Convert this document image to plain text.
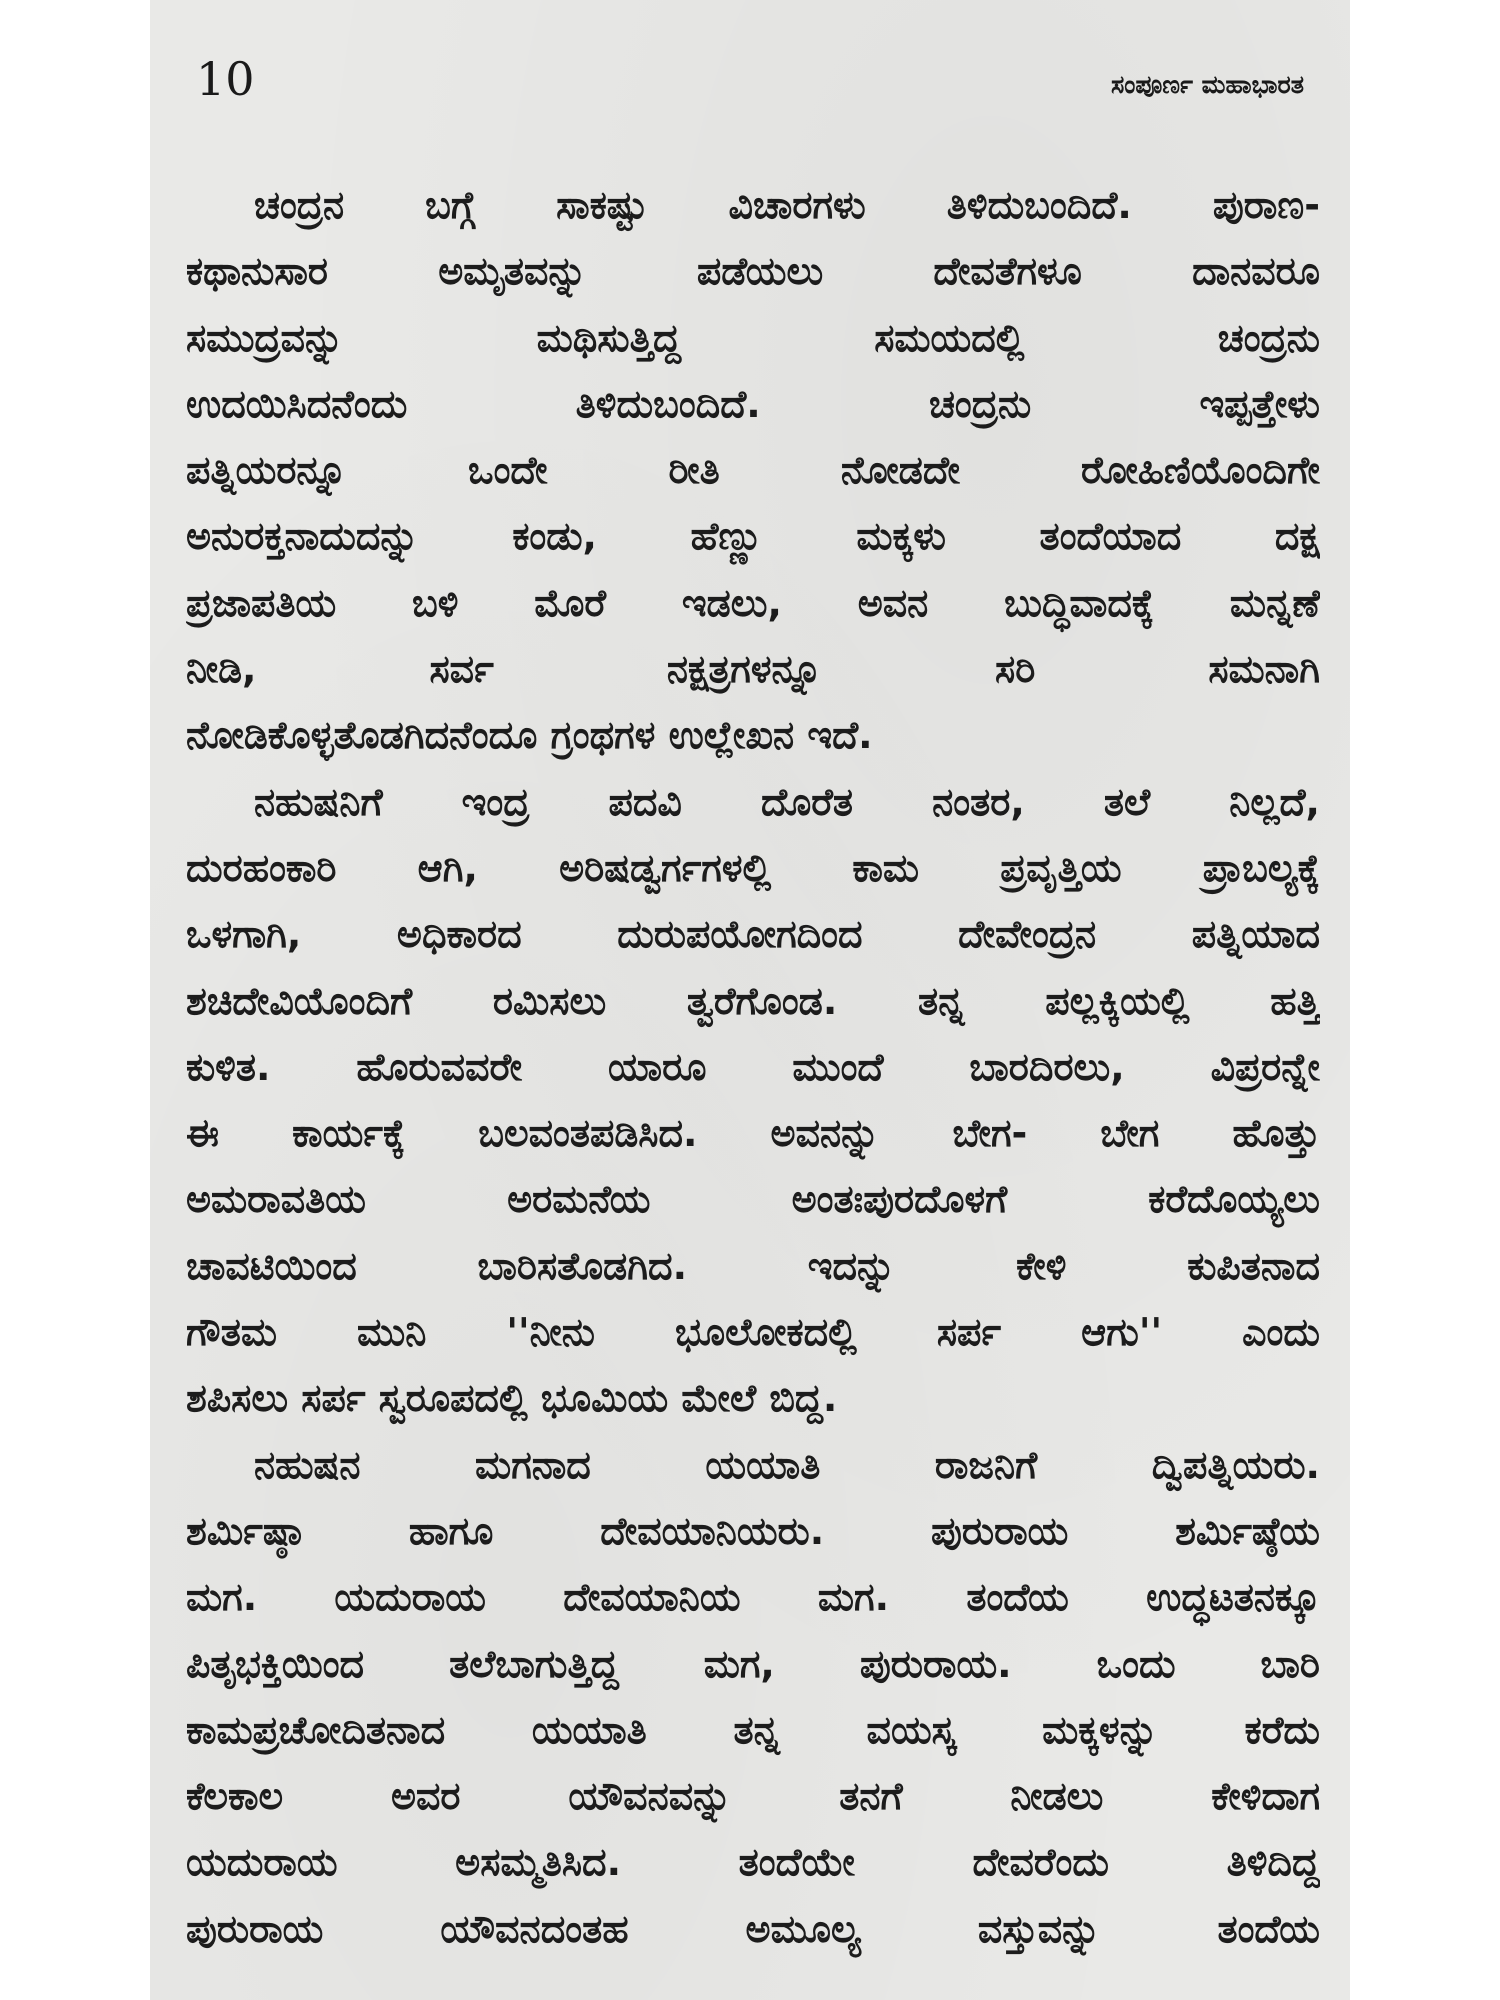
10	ಸಂಪೂರ್ಣ ಮಹಾಭಾರತ
ಚಂದ್ರನ ಬಗ್ಗೆ ಸಾಕಷ್ಟು ವಿಚಾರಗಳು ತಿಳಿದುಬಂದಿದೆ. ಪುರಾಣ-
ಕಥಾನುಸಾರ ಅಮೃತವನ್ನು ಪಡೆಯಲು ದೇವತೆಗಳೂ ದಾನವರೂ
ಸಮುದ್ರವನ್ನು ಮಥಿಸುತ್ತಿದ್ದ ಸಮಯದಲ್ಲಿ ಚಂದ್ರನು
ಉದಯಿಸಿದನೆಂದು ತಿಳಿದುಬಂದಿದೆ. ಚಂದ್ರನು ಇಪ್ಪತ್ತೇಳು
ಪತ್ನಿಯರನ್ನೂ ಒಂದೇ ರೀತಿ ನೋಡದೇ ರೋಹಿಣಿಯೊಂದಿಗೇ
ಅನುರಕ್ತನಾದುದನ್ನು ಕಂಡು, ಹೆಣ್ಣು ಮಕ್ಕಳು ತಂದೆಯಾದ ದಕ್ಷ
ಪ್ರಜಾಪತಿಯ ಬಳಿ ಮೊರೆ ಇಡಲು, ಅವನ ಬುದ್ಧಿವಾದಕ್ಕೆ ಮನ್ನಣೆ
ನೀಡಿ, ಸರ್ವ ನಕ್ಷತ್ರಗಳನ್ನೂ ಸರಿ ಸಮನಾಗಿ
ನೋಡಿಕೊಳ್ಳತೊಡಗಿದನೆಂದೂ ಗ್ರಂಥಗಳ ಉಲ್ಲೇಖನ ಇದೆ.
ನಹುಷನಿಗೆ ಇಂದ್ರ ಪದವಿ ದೊರೆತ ನಂತರ, ತಲೆ ನಿಲ್ಲದೆ,
ದುರಹಂಕಾರಿ ಆಗಿ, ಅರಿಷಡ್ವರ್ಗಗಳಲ್ಲಿ ಕಾಮ ಪ್ರವೃತ್ತಿಯ ಪ್ರಾಬಲ್ಯಕ್ಕೆ
ಒಳಗಾಗಿ, ಅಧಿಕಾರದ ದುರುಪಯೋಗದಿಂದ ದೇವೇಂದ್ರನ ಪತ್ನಿಯಾದ
ಶಚಿದೇವಿಯೊಂದಿಗೆ ರಮಿಸಲು ತ್ವರೆಗೊಂಡ. ತನ್ನ ಪಲ್ಲಕ್ಕಿಯಲ್ಲಿ ಹತ್ತಿ
ಕುಳಿತ. ಹೊರುವವರೇ ಯಾರೂ ಮುಂದೆ ಬಾರದಿರಲು, ವಿಪ್ರರನ್ನೇ
ಈ ಕಾರ್ಯಕ್ಕೆ ಬಲವಂತಪಡಿಸಿದ. ಅವನನ್ನು ಬೇಗ- ಬೇಗ ಹೊತ್ತು
ಅಮರಾವತಿಯ ಅರಮನೆಯ ಅಂತಃಪುರದೊಳಗೆ ಕರೆದೊಯ್ಯಲು
ಚಾವಟಿಯಿಂದ ಬಾರಿಸತೊಡಗಿದ. ಇದನ್ನು ಕೇಳಿ ಕುಪಿತನಾದ
ಗೌತಮ ಮುನಿ ''ನೀನು ಭೂಲೋಕದಲ್ಲಿ ಸರ್ಪ ಆಗು'' ಎಂದು
ಶಪಿಸಲು ಸರ್ಪ ಸ್ವರೂಪದಲ್ಲಿ ಭೂಮಿಯ ಮೇಲೆ ಬಿದ್ದ.
ನಹುಷನ ಮಗನಾದ ಯಯಾತಿ ರಾಜನಿಗೆ ದ್ವಿಪತ್ನಿಯರು.
ಶರ್ಮಿಷ್ಠಾ ಹಾಗೂ ದೇವಯಾನಿಯರು. ಪುರುರಾಯ ಶರ್ಮಿಷ್ಠೆಯ
ಮಗ. ಯದುರಾಯ ದೇವಯಾನಿಯ ಮಗ. ತಂದೆಯ ಉದ್ಧಟತನಕ್ಕೂ
ಪಿತೃಭಕ್ತಿಯಿಂದ ತಲೆಬಾಗುತ್ತಿದ್ದ ಮಗ, ಪುರುರಾಯ. ಒಂದು ಬಾರಿ
ಕಾಮಪ್ರಚೋದಿತನಾದ ಯಯಾತಿ ತನ್ನ ವಯಸ್ಕ ಮಕ್ಕಳನ್ನು ಕರೆದು
ಕೆಲಕಾಲ ಅವರ ಯೌವನವನ್ನು ತನಗೆ ನೀಡಲು ಕೇಳಿದಾಗ
ಯದುರಾಯ ಅಸಮ್ಮತಿಸಿದ. ತಂದೆಯೇ ದೇವರೆಂದು ತಿಳಿದಿದ್ದ
ಪುರುರಾಯ ಯೌವನದಂತಹ ಅಮೂಲ್ಯ ವಸ್ತುವನ್ನು ತಂದೆಯ
